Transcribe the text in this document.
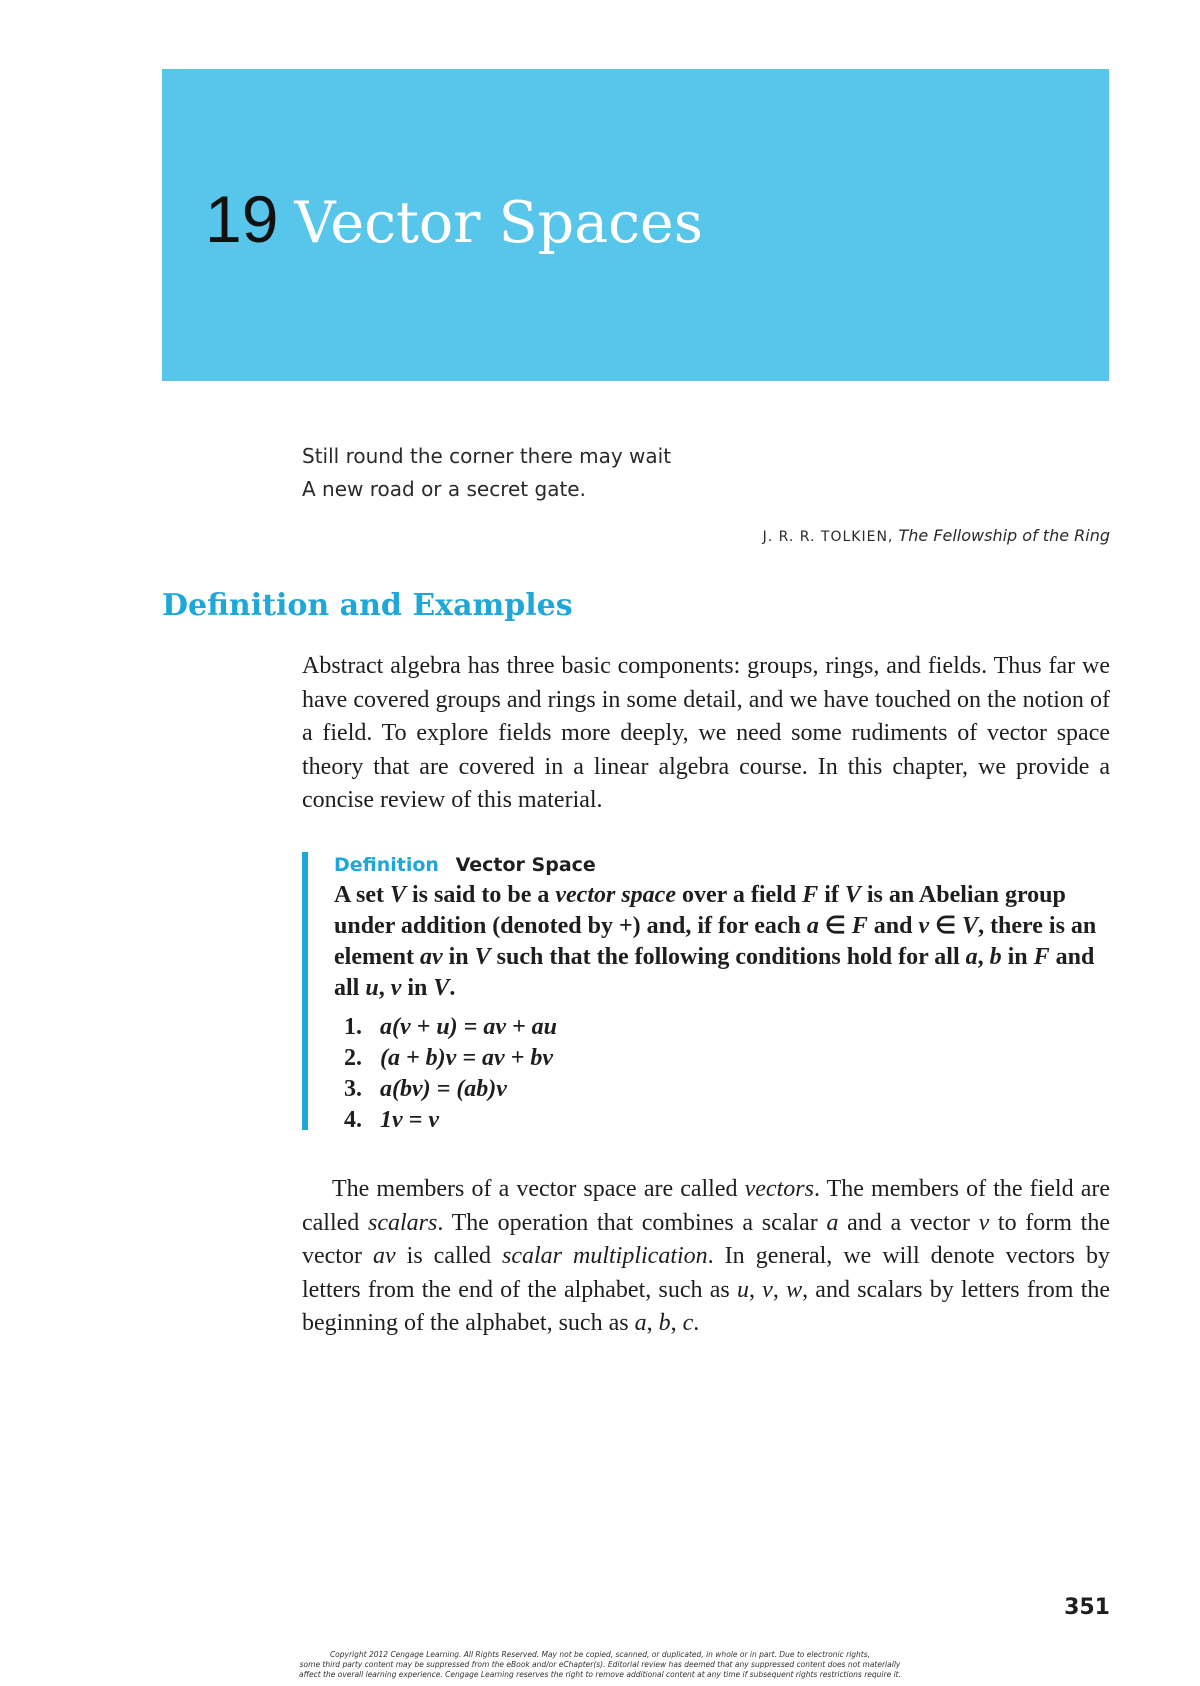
19 Vector Spaces
Still round the corner there may wait
A new road or a secret gate.
J. R. R. TOLKIEN, The Fellowship of the Ring
Definition and Examples

Abstract algebra has three basic components: groups, rings, and fields. Thus far we have covered groups and rings in some detail, and we have touched on the notion of a field. To explore fields more deeply, we need some rudiments of vector space theory that are covered in a linear algebra course. In this chapter, we provide a concise review of this material.

Definition Vector Space

A set V is said to be a vector space over a field F if V is an Abelian group under addition (denoted by +) and, if for each a ∈ F and v ∈ V, there is an element av in V such that the following conditions hold for all a, b in F and all u, v in V.

1. a(v + u) = av + au
2. (a + b)v = av + bv
3. a(bv) = (ab)v
4. 1v = v

The members of a vector space are called vectors. The members of the field are called scalars. The operation that combines a scalar a and a vector v to form the vector av is called scalar multiplication. In general, we will denote vectors by letters from the end of the alphabet, such as u, v, w, and scalars by letters from the beginning of the alphabet, such as a, b, c.

351
Copyright 2012 Cengage Learning. All Rights Reserved. May not be copied, scanned, or duplicated, in whole or in part. Due to electronic rights,
some third party content may be suppressed from the eBook and/or eChapter(s). Editorial review has deemed that any suppressed content does not materially
affect the overall learning experience. Cengage Learning reserves the right to remove additional content at any time if subsequent rights restrictions require it.
